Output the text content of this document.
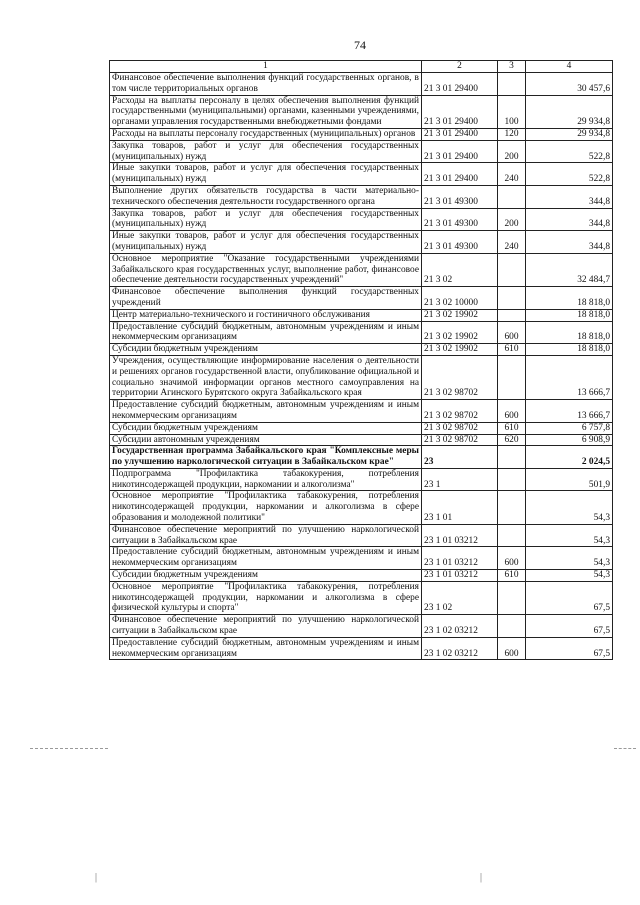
74
1	2	3	4
Финансовое обеспечение выполнения функций государственных органов, в том числе территориальных органов	21 3 01 29400		30 457,6
Расходы на выплаты персоналу в целях обеспечения выполнения функций государственными (муниципальными) органами, казенными учреждениями, органами управления государственными внебюджетными фондами	21 3 01 29400	100	29 934,8
Расходы на выплаты персоналу государственных (муниципальных) органов	21 3 01 29400	120	29 934,8
Закупка товаров, работ и услуг для обеспечения государственных (муниципальных) нужд	21 3 01 29400	200	522,8
Иные закупки товаров, работ и услуг для обеспечения государственных (муниципальных) нужд	21 3 01 29400	240	522,8
Выполнение других обязательств государства в части материально-технического обеспечения деятельности государственного органа	21 3 01 49300		344,8
Закупка товаров, работ и услуг для обеспечения государственных (муниципальных) нужд	21 3 01 49300	200	344,8
Иные закупки товаров, работ и услуг для обеспечения государственных (муниципальных) нужд	21 3 01 49300	240	344,8
Основное мероприятие "Оказание государственными учреждениями Забайкальского края государственных услуг, выполнение работ, финансовое обеспечение деятельности государственных учреждений"	21 3 02		32 484,7
Финансовое обеспечение выполнения функций государственных учреждений	21 3 02 10000		18 818,0
Центр материально-технического и гостиничного обслуживания	21 3 02 19902		18 818,0
Предоставление субсидий бюджетным, автономным учреждениям и иным некоммерческим организациям	21 3 02 19902	600	18 818,0
Субсидии бюджетным учреждениям	21 3 02 19902	610	18 818,0
Учреждения, осуществляющие информирование населения о деятельности и решениях органов государственной власти, опубликование официальной и социально значимой информации органов местного самоуправления на территории Агинского Бурятского округа Забайкальского края	21 3 02 98702		13 666,7
Предоставление субсидий бюджетным, автономным учреждениям и иным некоммерческим организациям	21 3 02 98702	600	13 666,7
Субсидии бюджетным учреждениям	21 3 02 98702	610	6 757,8
Субсидии автономным учреждениям	21 3 02 98702	620	6 908,9
Государственная программа Забайкальского края "Комплексные меры по улучшению наркологической ситуации в Забайкальском крае"	23		2 024,5
Подпрограмма "Профилактика табакокурения, потребления никотинсодержащей продукции, наркомании и алкоголизма"	23 1		501,9
Основное мероприятие "Профилактика табакокурения, потребления никотинсодержащей продукции, наркомании и алкоголизма в сфере образования и молодежной политики"	23 1 01		54,3
Финансовое обеспечение мероприятий по улучшению наркологической ситуации в Забайкальском крае	23 1 01 03212		54,3
Предоставление субсидий бюджетным, автономным учреждениям и иным некоммерческим организациям	23 1 01 03212	600	54,3
Субсидии бюджетным учреждениям	23 1 01 03212	610	54,3
Основное мероприятие "Профилактика табакокурения, потребления никотинсодержащей продукции, наркомании и алкоголизма в сфере физической культуры и спорта"	23 1 02		67,5
Финансовое обеспечение мероприятий по улучшению наркологической ситуации в Забайкальском крае	23 1 02 03212		67,5
Предоставление субсидий бюджетным, автономным учреждениям и иным некоммерческим организациям	23 1 02 03212	600	67,5
|	|
